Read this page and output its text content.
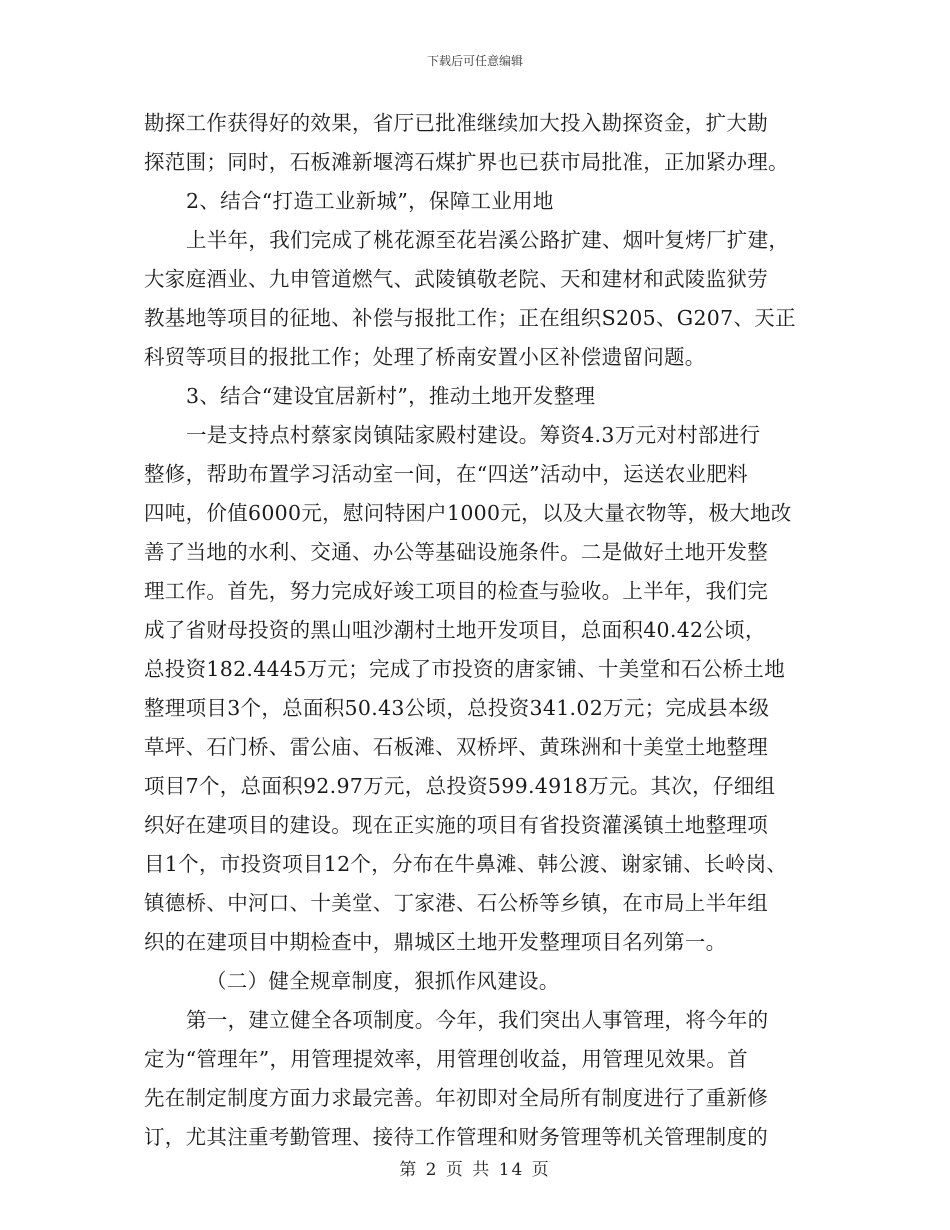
下载后可任意编辑
勘探工作获得好的效果，省厅已批准继续加大投入勘探资金，扩大勘
探范围；同时，石板滩新堰湾石煤扩界也已获市局批准，正加紧办理。
2、结合“打造工业新城”，保障工业用地
上半年，我们完成了桃花源至花岩溪公路扩建、烟叶复烤厂扩建，
大家庭酒业、九申管道燃气、武陵镇敬老院、天和建材和武陵监狱劳
教基地等项目的征地、补偿与报批工作；正在组织S205、G207、天正
科贸等项目的报批工作；处理了桥南安置小区补偿遗留问题。
3、结合“建设宜居新村”，推动土地开发整理
一是支持点村蔡家岗镇陆家殿村建设。筹资4.3万元对村部进行
整修，帮助布置学习活动室一间，在“四送”活动中，运送农业肥料
四吨，价值6000元，慰问特困户1000元，以及大量衣物等，极大地改
善了当地的水利、交通、办公等基础设施条件。二是做好土地开发整
理工作。首先，努力完成好竣工项目的检查与验收。上半年，我们完
成了省财母投资的黑山咀沙潮村土地开发项目，总面积40.42公顷，
总投资182.4445万元；完成了市投资的唐家铺、十美堂和石公桥土地
整理项目3个，总面积50.43公顷，总投资341.02万元；完成县本级
草坪、石门桥、雷公庙、石板滩、双桥坪、黄珠洲和十美堂土地整理
项目7个，总面积92.97万元，总投资599.4918万元。其次，仔细组
织好在建项目的建设。现在正实施的项目有省投资灌溪镇土地整理项
目1个，市投资项目12个，分布在牛鼻滩、韩公渡、谢家铺、长岭岗、
镇德桥、中河口、十美堂、丁家港、石公桥等乡镇，在市局上半年组
织的在建项目中期检查中，鼎城区土地开发整理项目名列第一。
（二）健全规章制度，狠抓作风建设。
第一，建立健全各项制度。今年，我们突出人事管理，将今年的
定为“管理年”，用管理提效率，用管理创收益，用管理见效果。首
先在制定制度方面力求最完善。年初即对全局所有制度进行了重新修
订，尤其注重考勤管理、接待工作管理和财务管理等机关管理制度的
第 2 页 共 14 页
